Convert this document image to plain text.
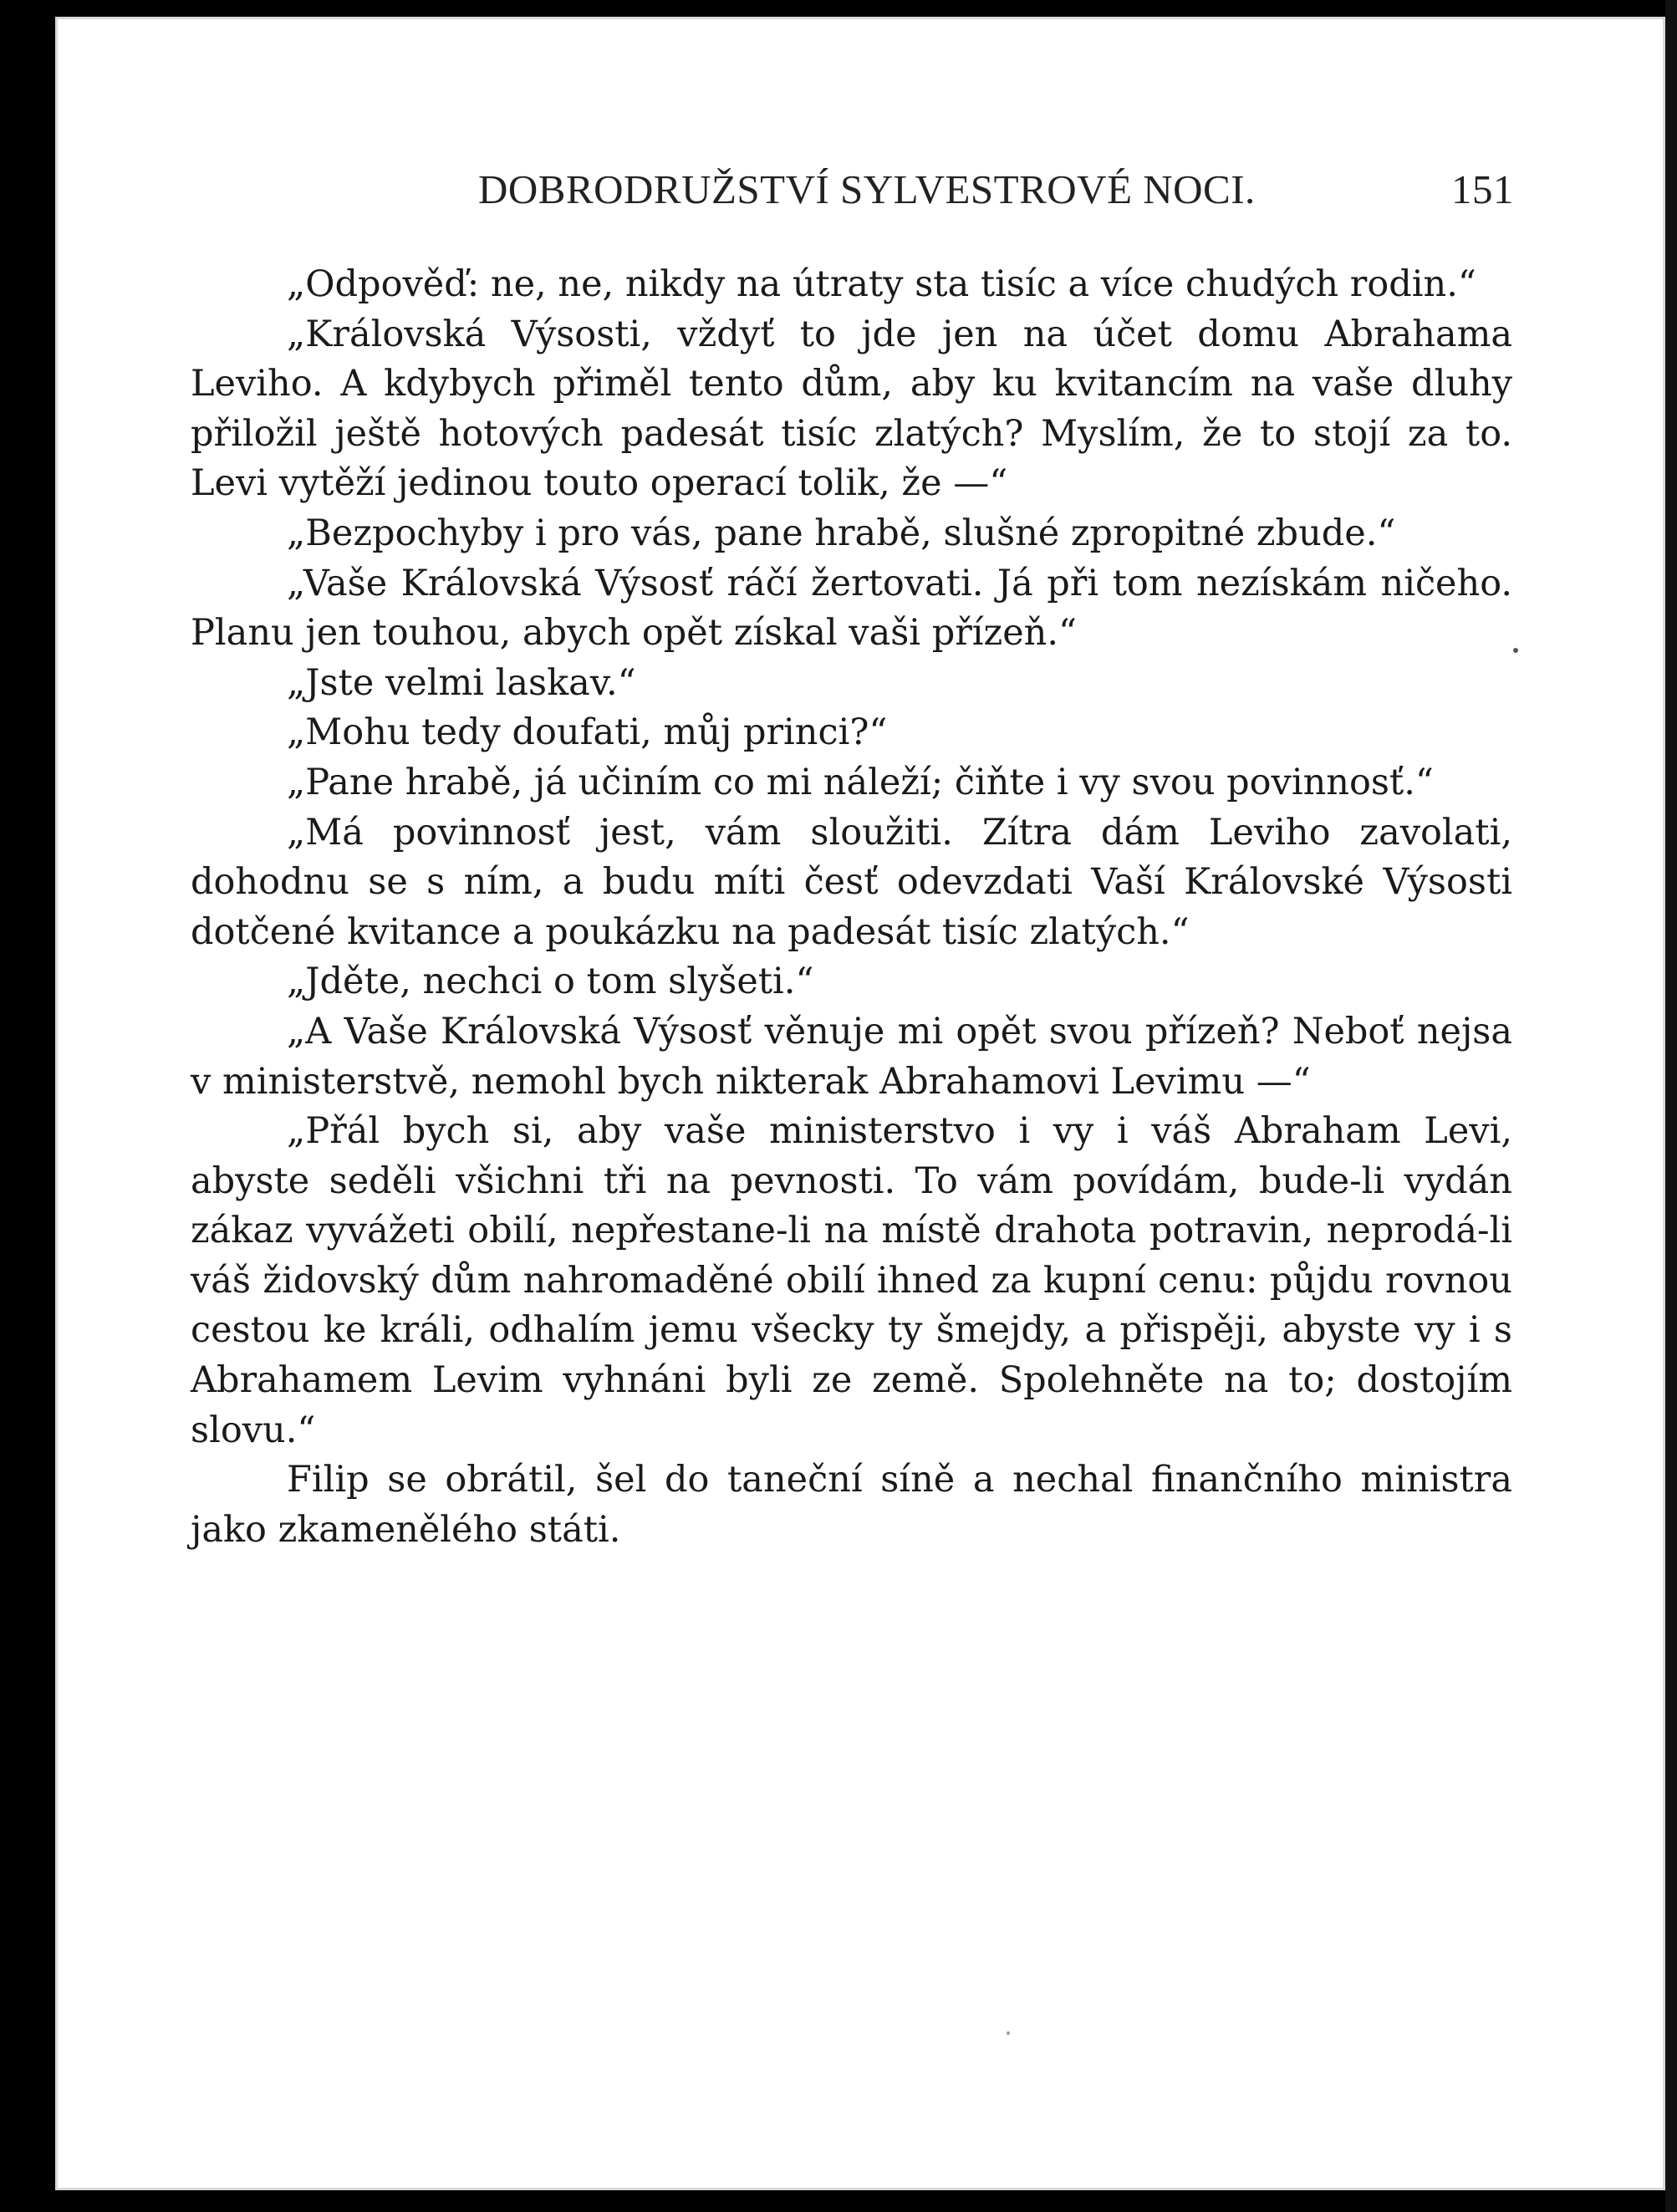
DOBRODRUŽSTVÍ SYLVESTROVÉ NOCI.	151

„Odpověď: ne, ne, nikdy na útraty sta tisíc a více chudých rodin.“

„Královská Výsosti, vždyť to jde jen na účet domu Abrahama Leviho. A kdybych přiměl tento dům, aby ku kvitancím na vaše dluhy přiložil ještě hotových padesát tisíc zlatých? Myslím, že to stojí za to. Levi vytěží jedinou touto operací tolik, že —“

„Bezpochyby i pro vás, pane hrabě, slušné zpropitné zbude.“

„Vaše Královská Výsosť ráčí žertovati. Já při tom nezískám ničeho. Planu jen touhou, abych opět získal vaši přízeň.“

„Jste velmi laskav.“

„Mohu tedy doufati, můj princi?“

„Pane hrabě, já učiním co mi náleží; čiňte i vy svou povinnosť.“

„Má povinnosť jest, vám sloužiti. Zítra dám Leviho zavolati, dohodnu se s ním, a budu míti česť odevzdati Vaší Královské Výsosti dotčené kvitance a poukázku na padesát tisíc zlatých.“

„Jděte, nechci o tom slyšeti.“

„A Vaše Královská Výsosť věnuje mi opět svou přízeň? Neboť nejsa v ministerstvě, nemohl bych nikterak Abrahamovi Levimu —“

„Přál bych si, aby vaše ministerstvo i vy i váš Abraham Levi, abyste seděli všichni tři na pevnosti. To vám povídám, bude-li vydán zákaz vyvážeti obilí, nepřestane-li na místě drahota potravin, neprodá-li váš židovský dům nahromaděné obilí ihned za kupní cenu: půjdu rovnou cestou ke králi, odhalím jemu všecky ty šmejdy, a přispěji, abyste vy i s Abrahamem Levim vyhnáni byli ze země. Spolehněte na to; dostojím slovu.“

Filip se obrátil, šel do taneční síně a nechal finančního ministra jako zkamenělého státi.
